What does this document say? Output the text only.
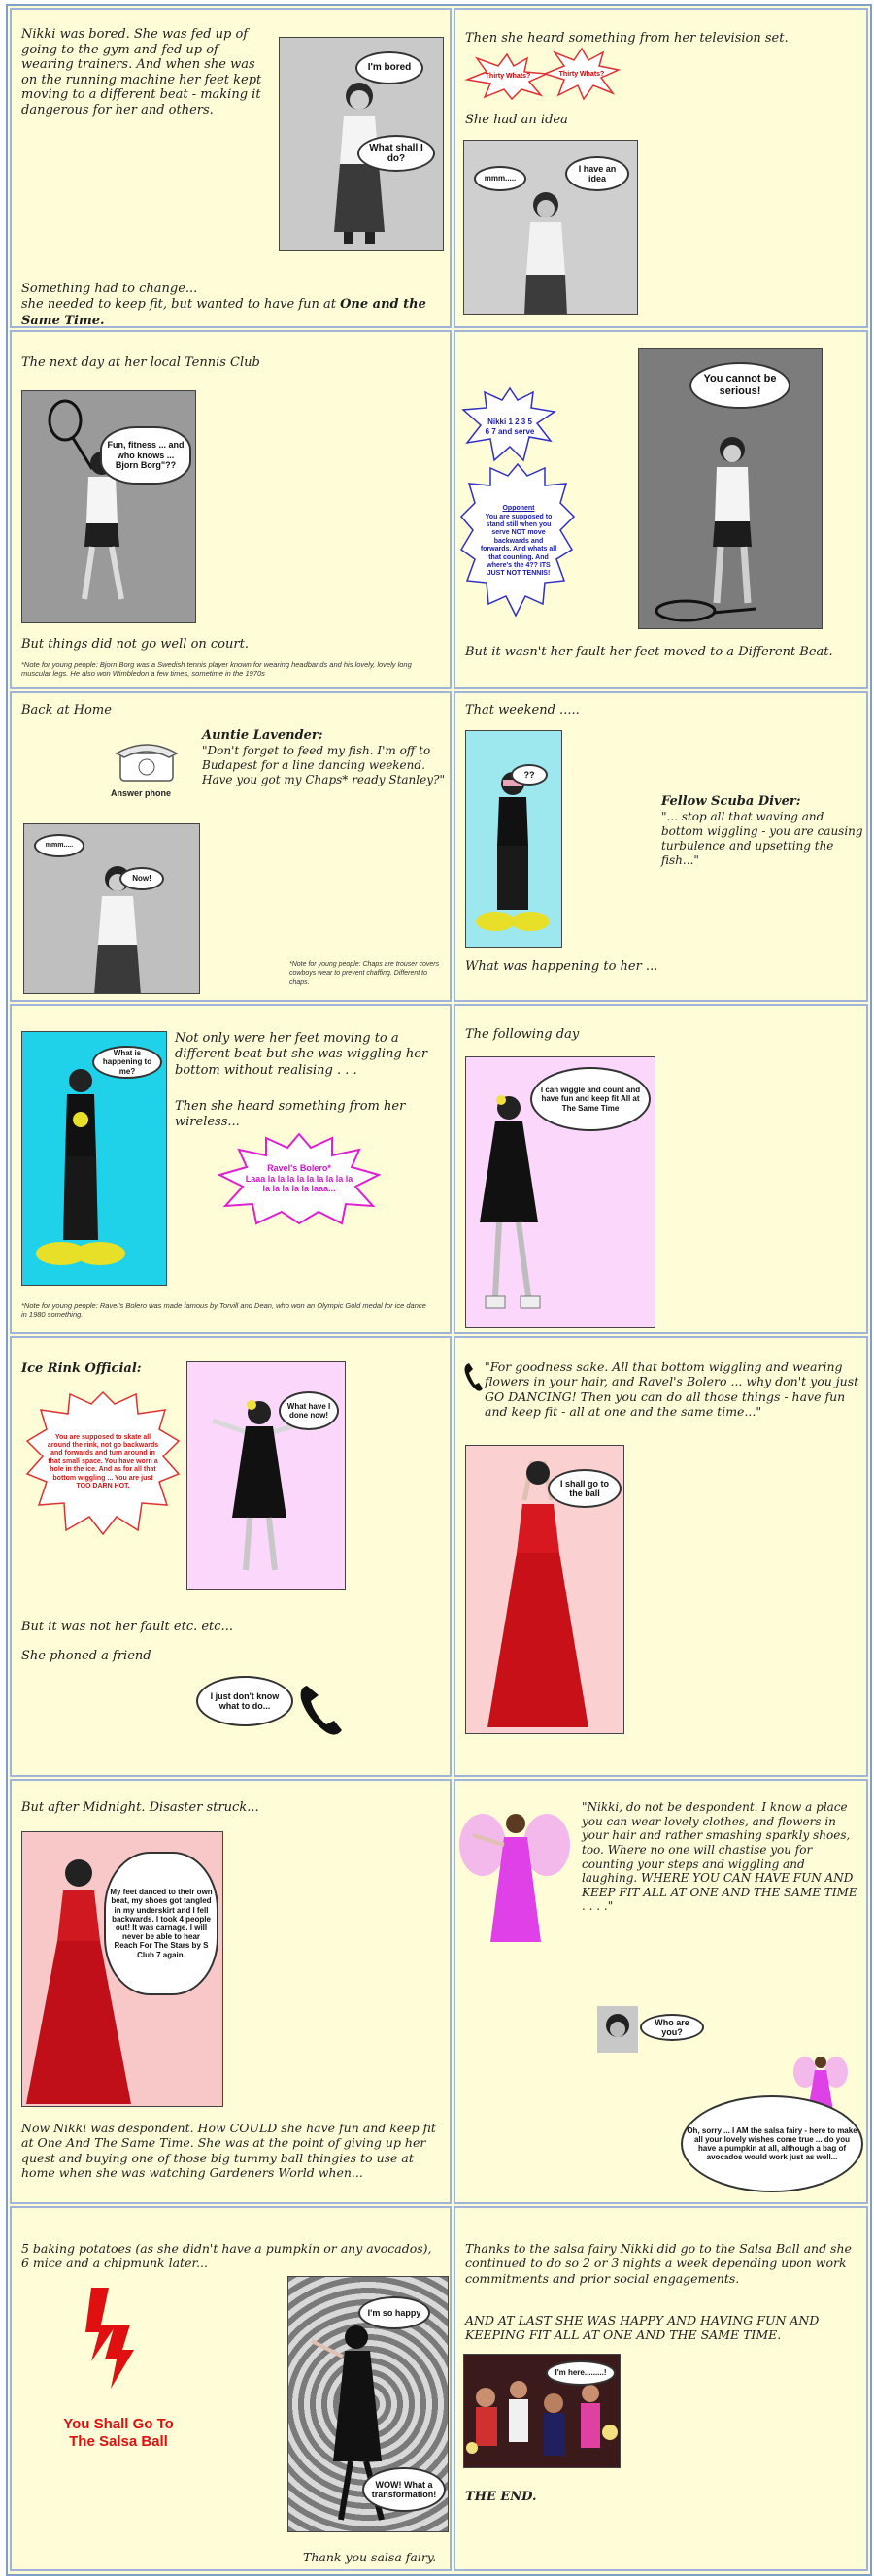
Nikki was bored. She was fed up of going to the gym and fed up of wearing trainers. And when she was on the running machine her feet kept moving to a different beat - making it dangerous for her and others.
I'm bored
What shall I do?
Something had to change...
she needed to keep fit, but wanted to have fun at One and the Same Time.
Then she heard something from her television set.
Thirty Whats?	Thirty Whats?
She had an idea
mmm.....
I have an idea
The next day at her local Tennis Club
Fun, fitness ... and who knows ... Bjorn Borg"??
But things did not go well on court.
*Note for young people: Bjorn Borg was a Swedish tennis player known for wearing headbands and his lovely, lovely long muscular legs. He also won Wimbledon a few times, sometime in the 1970s
Nikki 1 2 3 5 6 7 and serve
Opponent
You are supposed to stand still when you serve NOT move backwards and forwards. And whats all that counting. And where's the 4?? ITS JUST NOT TENNIS!
You cannot be serious!
But it wasn't her fault her feet moved to a Different Beat.
Back at Home
Answer phone
Auntie Lavender:
"Don't forget to feed my fish. I'm off to Budapest for a line dancing weekend. Have you got my Chaps* ready Stanley?"
mmm.....
Now!
*Note for young people: Chaps are trouser covers cowboys wear to prevent chaffing. Different to chaps.
That weekend .....
??
Fellow Scuba Diver:
"... stop all that waving and bottom wiggling - you are causing turbulence and upsetting the fish..."
What was happening to her ...
What is happening to me?
Not only were her feet moving to a different beat but she was wiggling her bottom without realising . . .
Then she heard something from her wireless...
Ravel's Bolero*
Laaa la la la la la la la la la la la la la la laaa...
*Note for young people: Ravel's Bolero was made famous by Torvill and Dean, who won an Olympic Gold medal for ice dance in 1980 something.
The following day
I can wiggle and count and have fun and keep fit All at The Same Time
Ice Rink Official:
You are supposed to skate all around the rink, not go backwards and forwards and turn around in that small space. You have worn a hole in the ice. And as for all that bottom wiggling ... You are just TOO DARN HOT.
What have I done now!
But it was not her fault etc. etc...
She phoned a friend
I just don't know what to do...
"For goodness sake. All that bottom wiggling and wearing flowers in your hair, and Ravel's Bolero ... why don't you just GO DANCING! Then you can do all those things - have fun and keep fit - all at one and the same time..."
I shall go to the ball
But after Midnight. Disaster struck...
My feet danced to their own beat, my shoes got tangled in my underskirt and I fell backwards. I took 4 people out! It was carnage. I will never be able to hear Reach For The Stars by S Club 7 again.
Now Nikki was despondent. How COULD she have fun and keep fit at One And The Same Time. She was at the point of giving up her quest and buying one of those big tummy ball thingies to use at home when she was watching Gardeners World when...
"Nikki, do not be despondent. I know a place you can wear lovely clothes, and flowers in your hair and rather smashing sparkly shoes, too. Where no one will chastise you for counting your steps and wiggling and laughing. WHERE YOU CAN HAVE FUN AND KEEP FIT ALL AT ONE AND THE SAME TIME . . . ."
Who are you?
Oh, sorry ... I AM the salsa fairy - here to make all your lovely wishes come true ... do you have a pumpkin at all, although a bag of avocados would work just as well...
5 baking potatoes (as she didn't have a pumpkin or any avocados), 6 mice and a chipmunk later...
You Shall Go To The Salsa Ball
I'm so happy
WOW! What a transformation!
Thank you salsa fairy.
Thanks to the salsa fairy Nikki did go to the Salsa Ball and she continued to do so 2 or 3 nights a week depending upon work commitments and prior social engagements.
AND AT LAST SHE WAS HAPPY AND HAVING FUN AND KEEPING FIT ALL AT ONE AND THE SAME TIME.
I'm here.........!
THE END.
